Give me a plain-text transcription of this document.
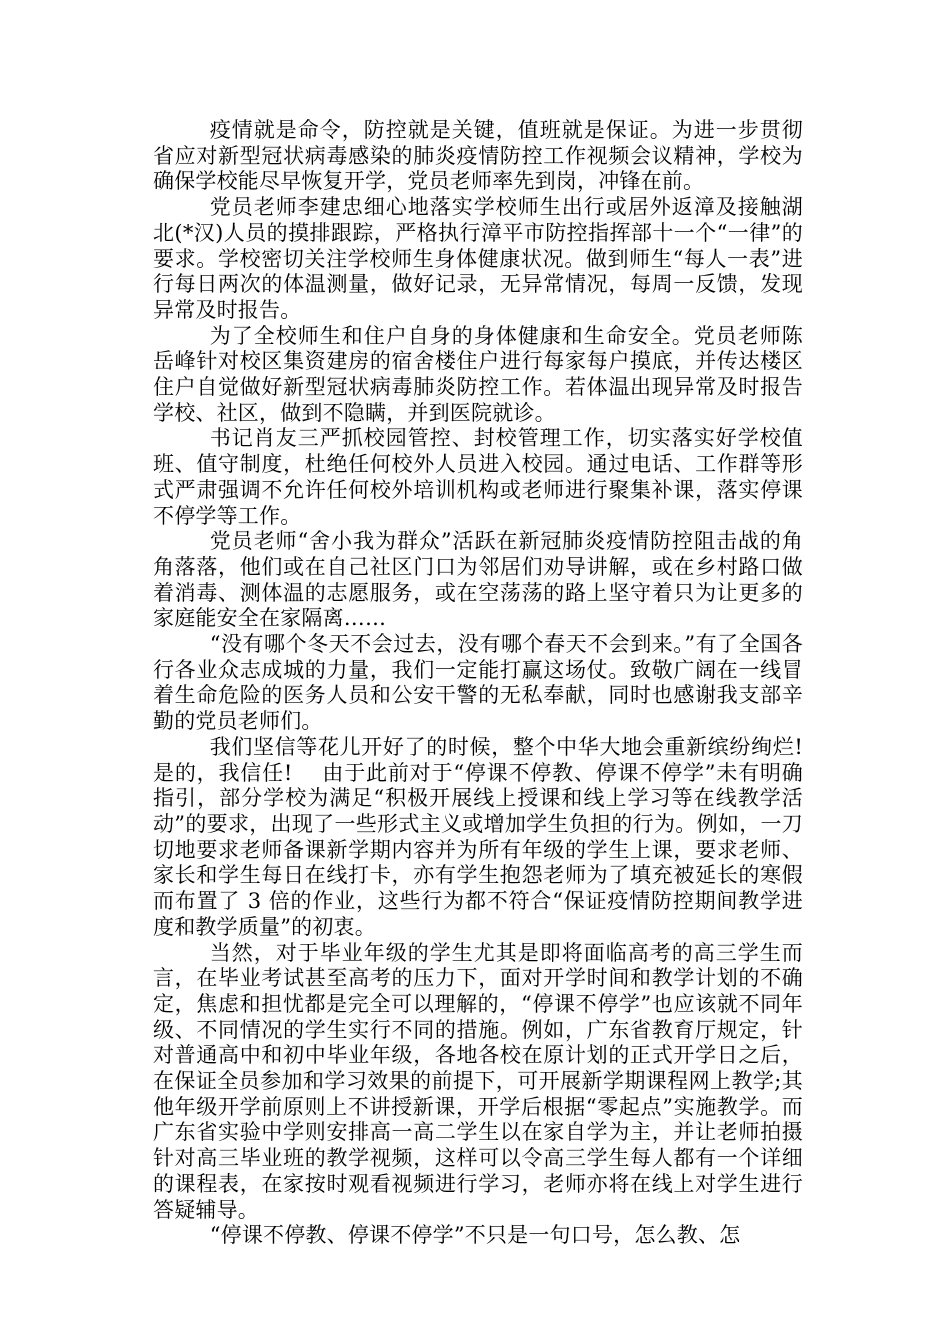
疫情就是命令，防控就是关键，值班就是保证。为进一步贯彻省应对新型冠状病毒感染的肺炎疫情防控工作视频会议精神，学校为确保学校能尽早恢复开学，党员老师率先到岗，冲锋在前。

党员老师李建忠细心地落实学校师生出行或居外返漳及接触湖北(*汉)人员的摸排跟踪，严格执行漳平市防控指挥部十一个“一律”的要求。学校密切关注学校师生身体健康状况。做到师生“每人一表”进行每日两次的体温测量，做好记录，无异常情况，每周一反馈，发现异常及时报告。

为了全校师生和住户自身的身体健康和生命安全。党员老师陈岳峰针对校区集资建房的宿舍楼住户进行每家每户摸底，并传达楼区住户自觉做好新型冠状病毒肺炎防控工作。若体温出现异常及时报告学校、社区，做到不隐瞒，并到医院就诊。

书记肖友三严抓校园管控、封校管理工作，切实落实好学校值班、值守制度，杜绝任何校外人员进入校园。通过电话、工作群等形式严肃强调不允许任何校外培训机构或老师进行聚集补课，落实停课不停学等工作。

党员老师“舍小我为群众”活跃在新冠肺炎疫情防控阻击战的角角落落，他们或在自己社区门口为邻居们劝导讲解，或在乡村路口做着消毒、测体温的志愿服务，或在空荡荡的路上坚守着只为让更多的家庭能安全在家隔离……

“没有哪个冬天不会过去，没有哪个春天不会到来。”有了全国各行各业众志成城的力量，我们一定能打赢这场仗。致敬广阔在一线冒着生命危险的医务人员和公安干警的无私奉献，同时也感谢我支部辛勤的党员老师们。

我们坚信等花儿开好了的时候，整个中华大地会重新缤纷绚烂!是的，我信任!　 由于此前对于“停课不停教、停课不停学”未有明确指引，部分学校为满足“积极开展线上授课和线上学习等在线教学活动”的要求，出现了一些形式主义或增加学生负担的行为。例如，一刀切地要求老师备课新学期内容并为所有年级的学生上课，要求老师、家长和学生每日在线打卡，亦有学生抱怨老师为了填充被延长的寒假而布置了 3 倍的作业，这些行为都不符合“保证疫情防控期间教学进度和教学质量”的初衷。

当然，对于毕业年级的学生尤其是即将面临高考的高三学生而言，在毕业考试甚至高考的压力下，面对开学时间和教学计划的不确定，焦虑和担忧都是完全可以理解的，“停课不停学”也应该就不同年级、不同情况的学生实行不同的措施。例如，广东省教育厅规定，针对普通高中和初中毕业年级，各地各校在原计划的正式开学日之后，在保证全员参加和学习效果的前提下，可开展新学期课程网上教学;其他年级开学前原则上不讲授新课，开学后根据“零起点”实施教学。而广东省实验中学则安排高一高二学生以在家自学为主，并让老师拍摄针对高三毕业班的教学视频，这样可以令高三学生每人都有一个详细的课程表，在家按时观看视频进行学习，老师亦将在线上对学生进行答疑辅导。

“停课不停教、停课不停学”不只是一句口号，怎么教、怎
